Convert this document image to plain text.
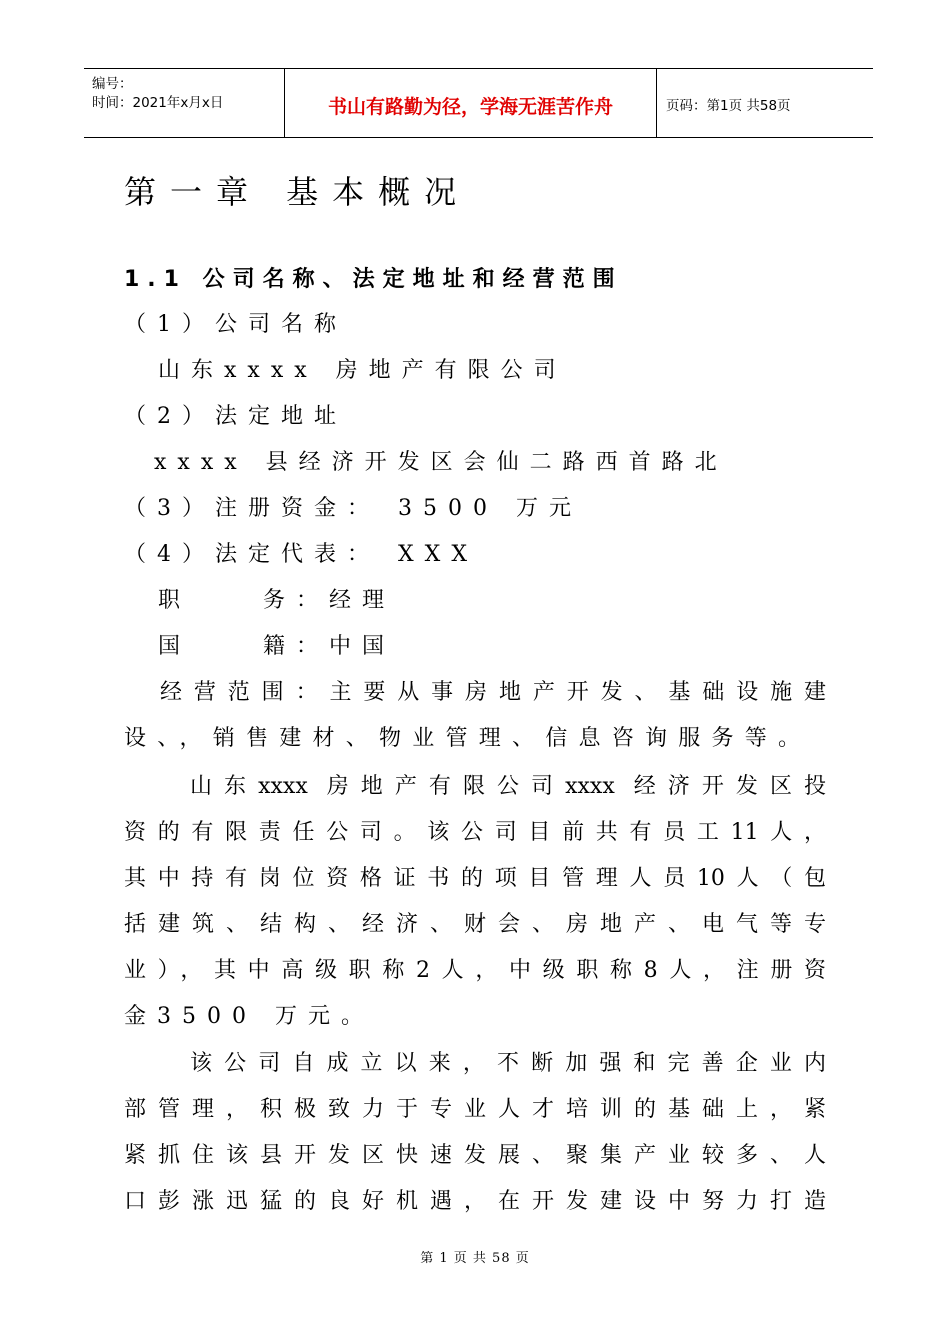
编号：
时间：2021年x月x日	书山有路勤为径，学海无涯苦作舟	页码：第1页 共58页
第一章 基本概况
1.1 公司名称、法定地址和经营范围
（1）公司名称
山东xxxx 房地产有限公司
（2）法定地址
xxxx 县经济开发区会仙二路西首路北
（3）注册资金： 3500 万元
（4）法定代表： XXX
职    务：经理
国    籍：中国
经营范围：主要从事房地产开发、基础设施建
设、，销售建材、物业管理、信息咨询服务等。
山东xxxx 房地产有限公司xxxx 经济开发区投
资的有限责任公司。该公司目前共有员工11人，
其中持有岗位资格证书的项目管理人员10人（包
括建筑、结构、经济、财会、房地产、电气等专
业），其中高级职称2人，中级职称8人，注册资
金3500 万元。
该公司自成立以来，不断加强和完善企业内
部管理，积极致力于专业人才培训的基础上，紧
紧抓住该县开发区快速发展、聚集产业较多、人
口彭涨迅猛的良好机遇，在开发建设中努力打造
第 1 页 共 58 页
